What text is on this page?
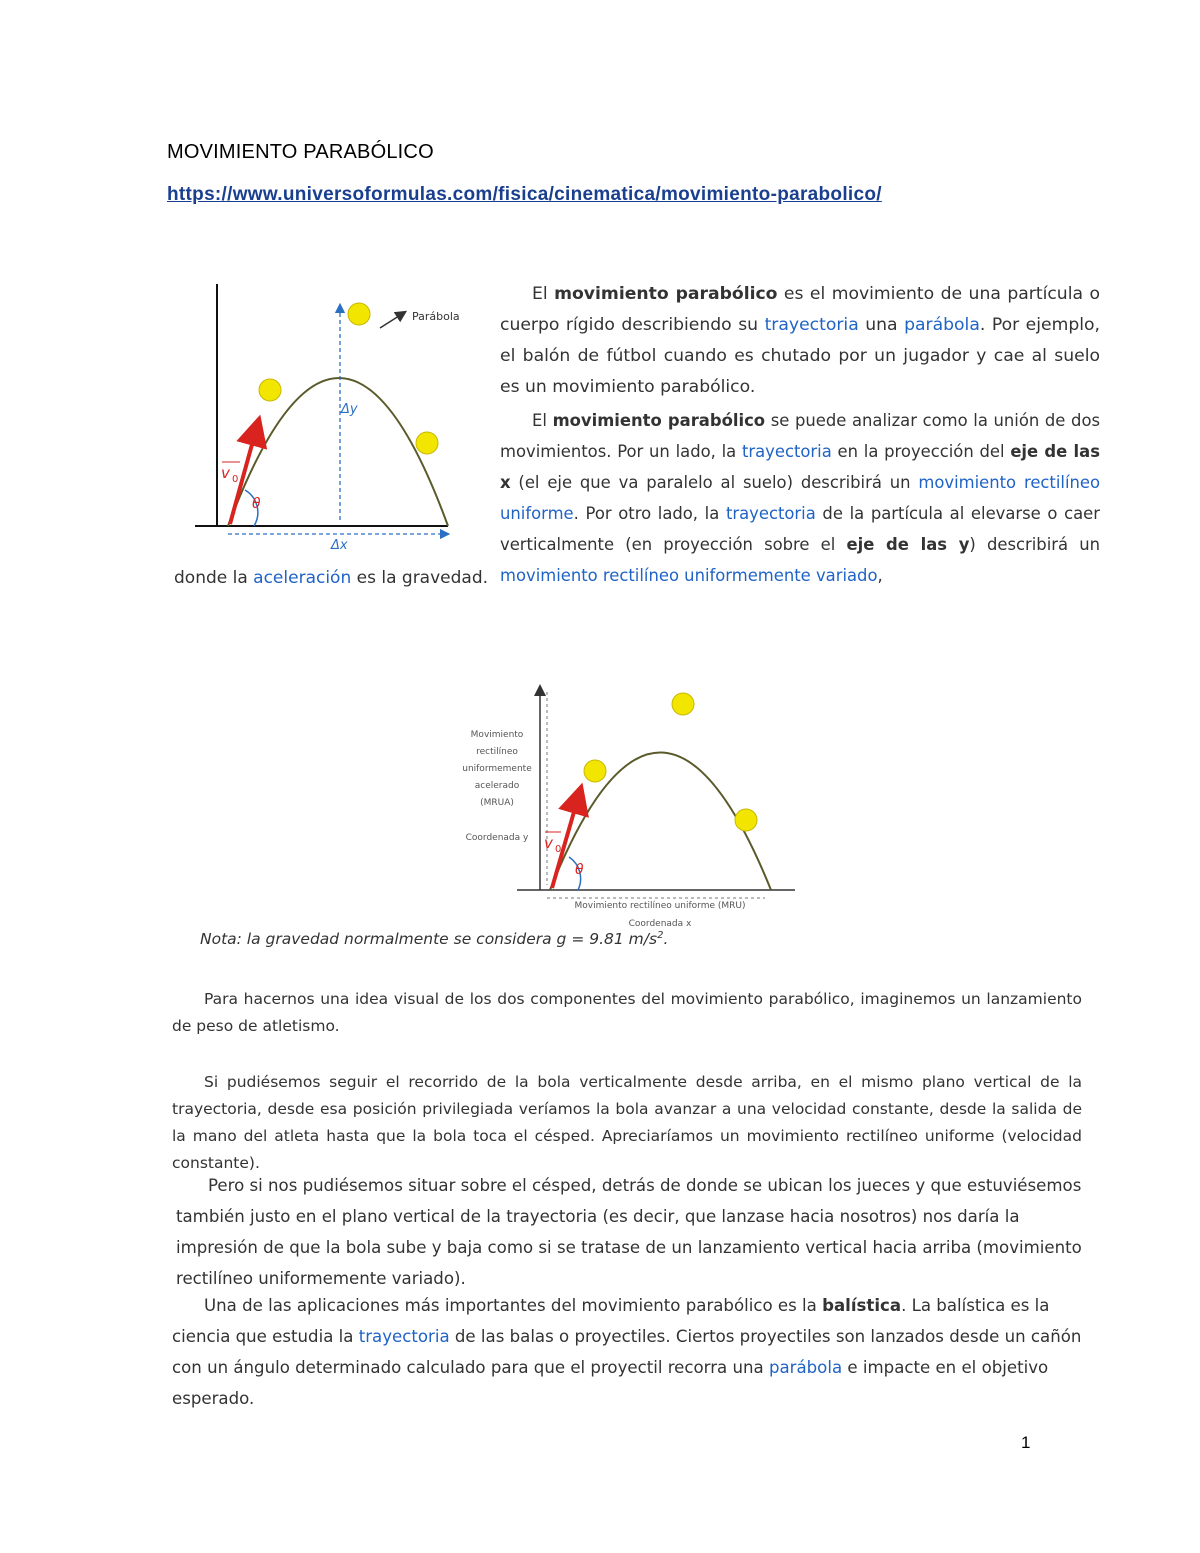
MOVIMIENTO PARABÓLICO
https://www.universoformulas.com/fisica/cinematica/movimiento-parabolico/
Parábola
Δy
Δx
v 0
θ
El movimiento parabólico es el movimiento de una partícula o cuerpo rígido describiendo su trayectoria una parábola. Por ejemplo, el balón de fútbol cuando es chutado por un jugador y cae al suelo es un movimiento parabólico.
El movimiento parabólico se puede analizar como la unión de dos movimientos. Por un lado, la trayectoria en la proyección del eje de las x (el eje que va paralelo al suelo) describirá un movimiento rectilíneo uniforme. Por otro lado, la trayectoria de la partícula al elevarse o caer verticalmente (en proyección sobre el eje de las y) describirá un movimiento rectilíneo uniformemente variado,
donde la aceleración es la gravedad.
Movimiento
rectilíneo
uniformemente
acelerado
(MRUA)
Coordenada y
Movimiento rectilíneo uniforme (MRU)
Coordenada x
v 0
θ
Nota: la gravedad normalmente se considera g = 9.81 $m/s^2$.
Para hacernos una idea visual de los dos componentes del movimiento parabólico, imaginemos un lanzamiento de peso de atletismo.
Si pudiésemos seguir el recorrido de la bola verticalmente desde arriba, en el mismo plano vertical de la trayectoria, desde esa posición privilegiada veríamos la bola avanzar a una velocidad constante, desde la salida de la mano del atleta hasta que la bola toca el césped. Apreciaríamos un movimiento rectilíneo uniforme (velocidad constante).
Pero si nos pudiésemos situar sobre el césped, detrás de donde se ubican los jueces y que estuviésemos también justo en el plano vertical de la trayectoria (es decir, que lanzase hacia nosotros) nos daría la impresión de que la bola sube y baja como si se tratase de un lanzamiento vertical hacia arriba (movimiento rectilíneo uniformemente variado).
Una de las aplicaciones más importantes del movimiento parabólico es la balística. La balística es la ciencia que estudia la trayectoria de las balas o proyectiles. Ciertos proyectiles son lanzados desde un cañón con un ángulo determinado calculado para que el proyectil recorra una parábola e impacte en el objetivo esperado.
1
